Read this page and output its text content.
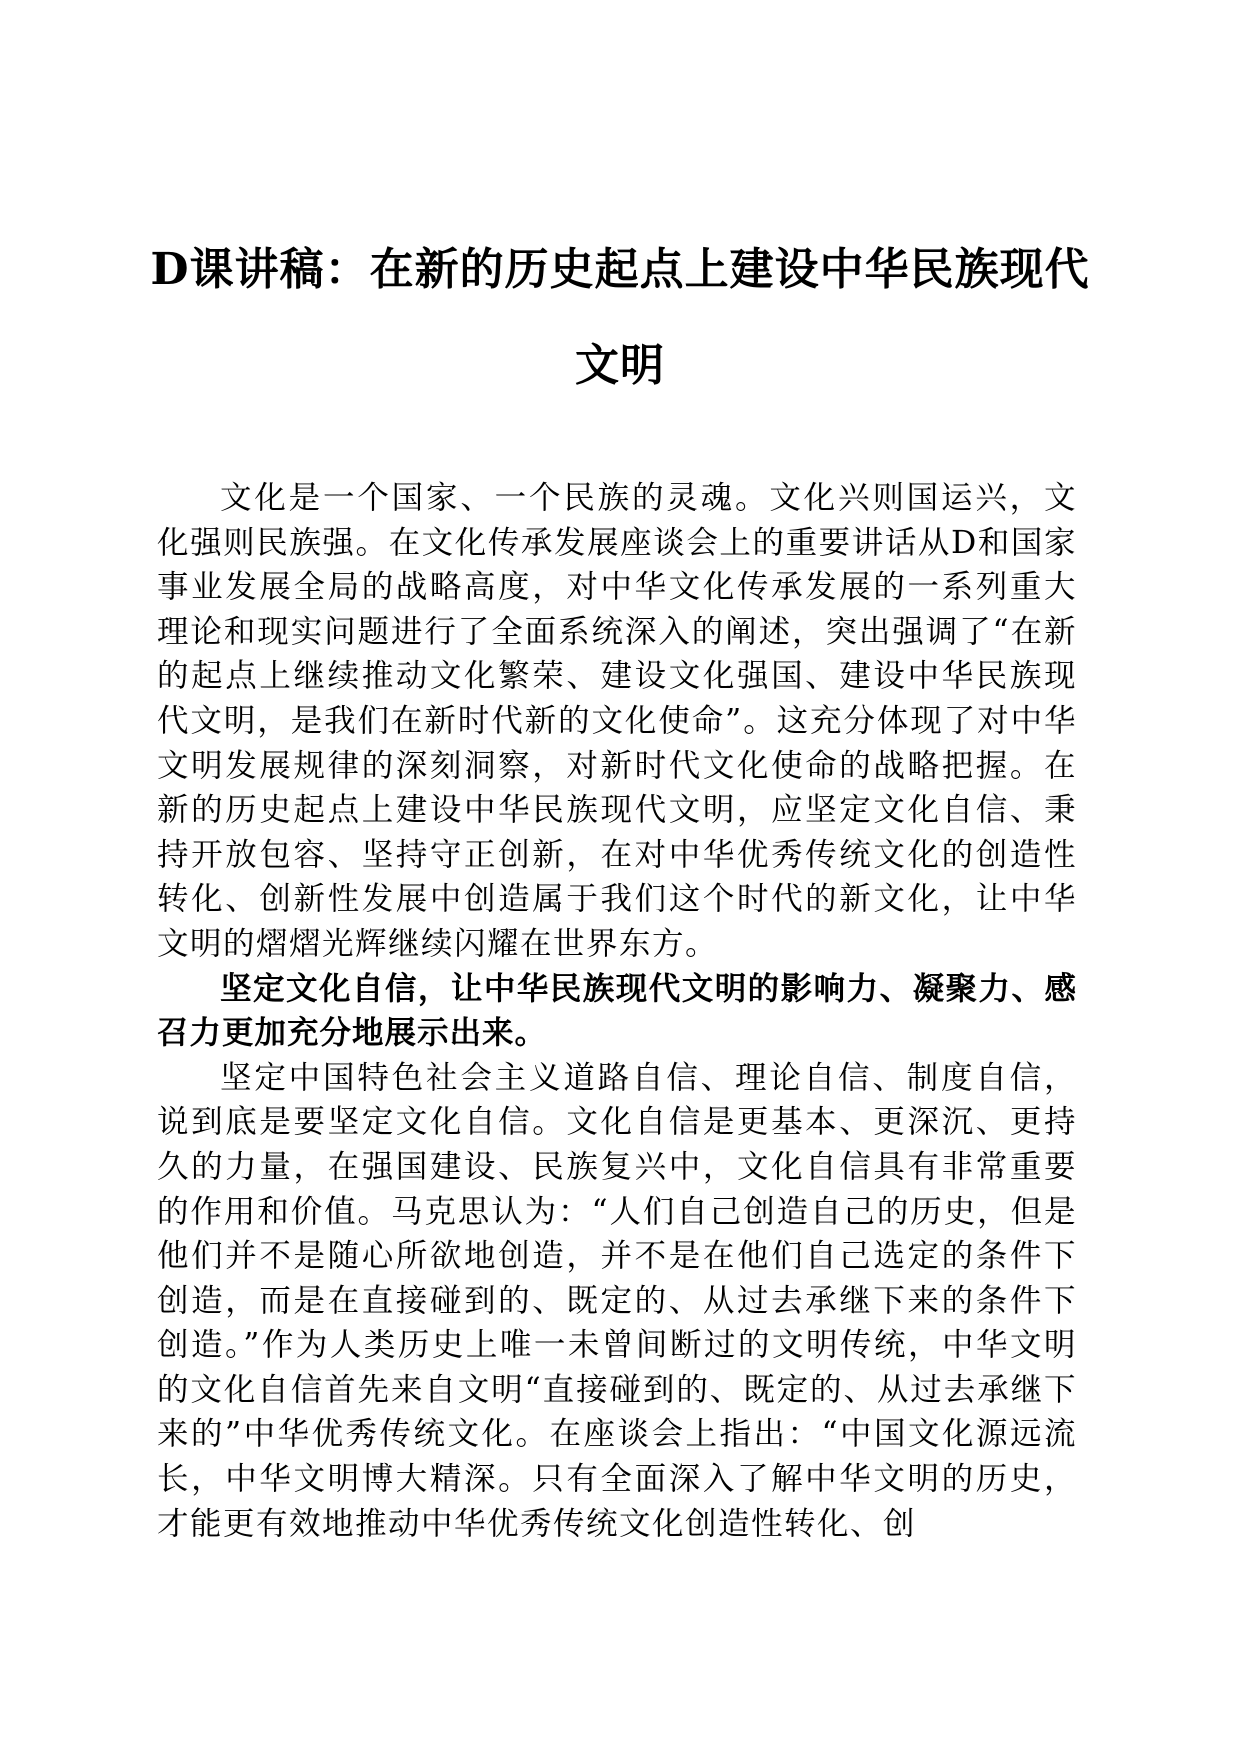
D课讲稿：在新的历史起点上建设中华民族现代文明

文化是一个国家、一个民族的灵魂。文化兴则国运兴，文化强则民族强。在文化传承发展座谈会上的重要讲话从D和国家事业发展全局的战略高度，对中华文化传承发展的一系列重大理论和现实问题进行了全面系统深入的阐述，突出强调了“在新的起点上继续推动文化繁荣、建设文化强国、建设中华民族现代文明，是我们在新时代新的文化使命”。这充分体现了对中华文明发展规律的深刻洞察，对新时代文化使命的战略把握。在新的历史起点上建设中华民族现代文明，应坚定文化自信、秉持开放包容、坚持守正创新，在对中华优秀传统文化的创造性转化、创新性发展中创造属于我们这个时代的新文化，让中华文明的熠熠光辉继续闪耀在世界东方。

坚定文化自信，让中华民族现代文明的影响力、凝聚力、感召力更加充分地展示出来。

坚定中国特色社会主义道路自信、理论自信、制度自信，说到底是要坚定文化自信。文化自信是更基本、更深沉、更持久的力量，在强国建设、民族复兴中，文化自信具有非常重要的作用和价值。马克思认为：“人们自己创造自己的历史，但是他们并不是随心所欲地创造，并不是在他们自己选定的条件下创造，而是在直接碰到的、既定的、从过去承继下来的条件下创造。”作为人类历史上唯一未曾间断过的文明传统，中华文明的文化自信首先来自文明“直接碰到的、既定的、从过去承继下来的”中华优秀传统文化。在座谈会上指出：“中国文化源远流长，中华文明博大精深。只有全面深入了解中华文明的历史，才能更有效地推动中华优秀传统文化创造性转化、创
